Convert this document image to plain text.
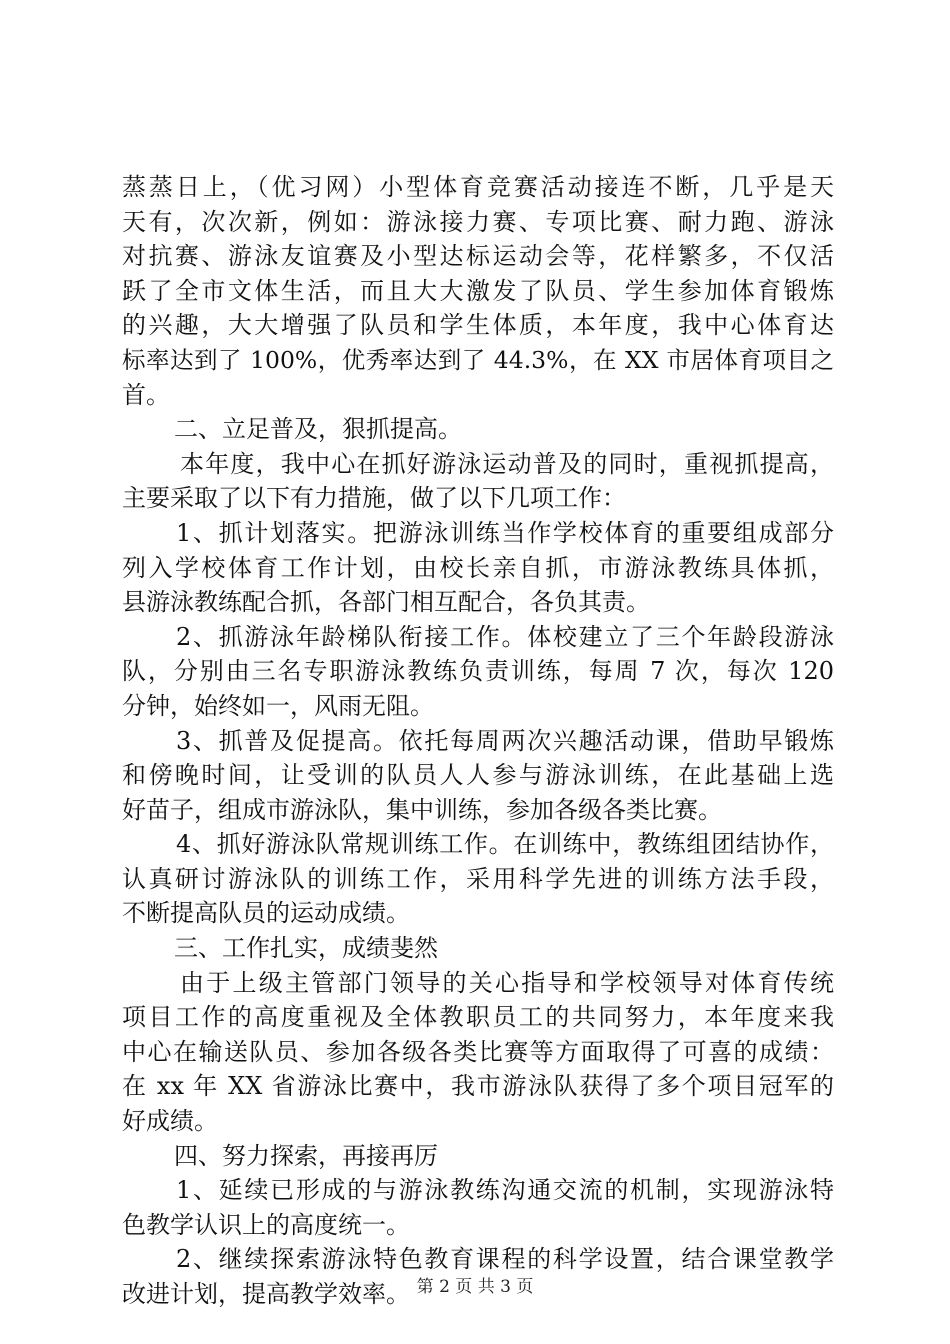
蒸蒸日上，（优习网）小型体育竞赛活动接连不断，几乎是天
天有，次次新，例如：游泳接力赛、专项比赛、耐力跑、游泳
对抗赛、游泳友谊赛及小型达标运动会等，花样繁多，不仅活
跃了全市文体生活，而且大大激发了队员、学生参加体育锻炼
的兴趣，大大增强了队员和学生体质，本年度，我中心体育达
标率达到了 100%，优秀率达到了 44.3%，在 XX 市居体育项目之
首。
二、立足普及，狠抓提高。
本年度，我中心在抓好游泳运动普及的同时，重视抓提高，
主要采取了以下有力措施，做了以下几项工作：
1、抓计划落实。把游泳训练当作学校体育的重要组成部分
列入学校体育工作计划，由校长亲自抓，市游泳教练具体抓，
县游泳教练配合抓，各部门相互配合，各负其责。
2、抓游泳年龄梯队衔接工作。体校建立了三个年龄段游泳
队，分别由三名专职游泳教练负责训练，每周 7 次，每次 120
分钟，始终如一，风雨无阻。
3、抓普及促提高。依托每周两次兴趣活动课，借助早锻炼
和傍晚时间，让受训的队员人人参与游泳训练，在此基础上选
好苗子，组成市游泳队，集中训练，参加各级各类比赛。
4、抓好游泳队常规训练工作。在训练中，教练组团结协作，
认真研讨游泳队的训练工作，采用科学先进的训练方法手段，
不断提高队员的运动成绩。
三、工作扎实，成绩斐然
由于上级主管部门领导的关心指导和学校领导对体育传统
项目工作的高度重视及全体教职员工的共同努力，本年度来我
中心在输送队员、参加各级各类比赛等方面取得了可喜的成绩：
在 xx 年 XX 省游泳比赛中，我市游泳队获得了多个项目冠军的
好成绩。
四、努力探索，再接再厉
1、延续已形成的与游泳教练沟通交流的机制，实现游泳特
色教学认识上的高度统一。
2、继续探索游泳特色教育课程的科学设置，结合课堂教学
改进计划，提高教学效率。 第 2 页 共 3 页
